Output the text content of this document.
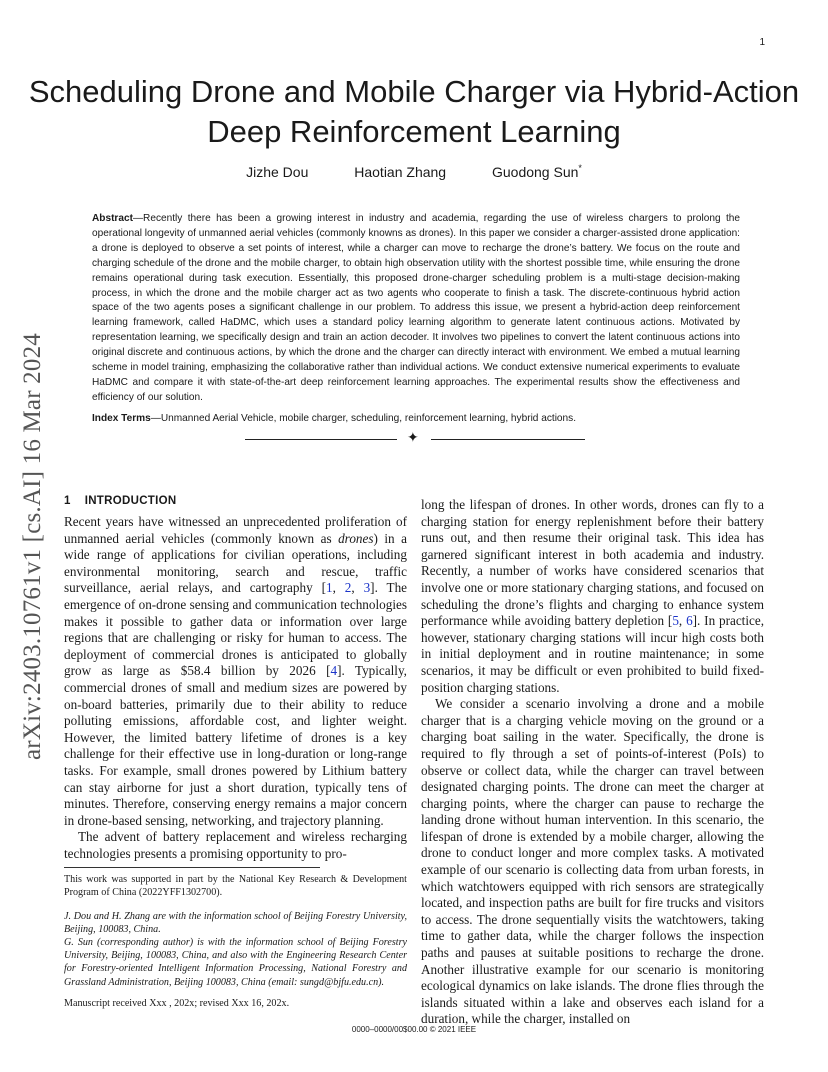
1
arXiv:2403.10761v1 [cs.AI] 16 Mar 2024
Scheduling Drone and Mobile Charger via Hybrid-Action Deep Reinforcement Learning
Jizhe Dou	Haotian Zhang	Guodong Sun*

Abstract—Recently there has been a growing interest in industry and academia, regarding the use of wireless chargers to prolong the operational longevity of unmanned aerial vehicles (commonly knowns as drones). In this paper we consider a charger-assisted drone application: a drone is deployed to observe a set points of interest, while a charger can move to recharge the drone’s battery. We focus on the route and charging schedule of the drone and the mobile charger, to obtain high observation utility with the shortest possible time, while ensuring the drone remains operational during task execution. Essentially, this proposed drone-charger scheduling problem is a multi-stage decision-making process, in which the drone and the mobile charger act as two agents who cooperate to finish a task. The discrete-continuous hybrid action space of the two agents poses a significant challenge in our problem. To address this issue, we present a hybrid-action deep reinforcement learning framework, called HaDMC, which uses a standard policy learning algorithm to generate latent continuous actions. Motivated by representation learning, we specifically design and train an action decoder. It involves two pipelines to convert the latent continuous actions into original discrete and continuous actions, by which the drone and the charger can directly interact with environment. We embed a mutual learning scheme in model training, emphasizing the collaborative rather than individual actions. We conduct extensive numerical experiments to evaluate HaDMC and compare it with state-of-the-art deep reinforcement learning approaches. The experimental results show the effectiveness and efficiency of our solution.

Index Terms—Unmanned Aerial Vehicle, mobile charger, scheduling, reinforcement learning, hybrid actions.

✦
1 INTRODUCTION

Recent years have witnessed an unprecedented proliferation of unmanned aerial vehicles (commonly known as drones) in a wide range of applications for civilian operations, including environmental monitoring, search and rescue, traffic surveillance, aerial relays, and cartography [1, 2, 3]. The emergence of on-drone sensing and communication technologies makes it possible to gather data or information over large regions that are challenging or risky for human to access. The deployment of commercial drones is anticipated to globally grow as large as $58.4 billion by 2026 [4]. Typically, commercial drones of small and medium sizes are powered by on-board batteries, primarily due to their ability to reduce polluting emissions, affordable cost, and lighter weight. However, the limited battery lifetime of drones is a key challenge for their effective use in long-duration or long-range tasks. For example, small drones powered by Lithium battery can stay airborne for just a short duration, typically tens of minutes. Therefore, conserving energy remains a major concern in drone-based sensing, networking, and trajectory planning.

The advent of battery replacement and wireless recharging technologies presents a promising opportunity to pro-

This work was supported in part by the National Key Research & Development Program of China (2022YFF1302700).

J. Dou and H. Zhang are with the information school of Beijing Forestry University, Beijing, 100083, China.

G. Sun (corresponding author) is with the information school of Beijing Forestry University, Beijing, 100083, China, and also with the Engineering Research Center for Forestry-oriented Intelligent Information Processing, National Forestry and Grassland Administration, Beijing 100083, China (email: sungd@bjfu.edu.cn).

Manuscript received Xxx , 202x; revised Xxx 16, 202x.

long the lifespan of drones. In other words, drones can fly to a charging station for energy replenishment before their battery runs out, and then resume their original task. This idea has garnered significant interest in both academia and industry. Recently, a number of works have considered scenarios that involve one or more stationary charging stations, and focused on scheduling the drone’s flights and charging to enhance system performance while avoiding battery depletion [5, 6]. In practice, however, stationary charging stations will incur high costs both in initial deployment and in routine maintenance; in some scenarios, it may be difficult or even prohibited to build fixed-position charging stations.

We consider a scenario involving a drone and a mobile charger that is a charging vehicle moving on the ground or a charging boat sailing in the water. Specifically, the drone is required to fly through a set of points-of-interest (PoIs) to observe or collect data, while the charger can travel between designated charging points. The drone can meet the charger at charging points, where the charger can pause to recharge the landing drone without human intervention. In this scenario, the lifespan of drone is extended by a mobile charger, allowing the drone to conduct longer and more complex tasks. A motivated example of our scenario is collecting data from urban forests, in which watchtowers equipped with rich sensors are strategically located, and inspection paths are built for fire trucks and visitors to access. The drone sequentially visits the watchtowers, taking time to gather data, while the charger follows the inspection paths and pauses at suitable positions to recharge the drone. Another illustrative example for our scenario is monitoring ecological dynamics on lake islands. The drone flies through the islands situated within a lake and observes each island for a duration, while the charger, installed on

0000–0000/00$00.00 © 2021 IEEE
